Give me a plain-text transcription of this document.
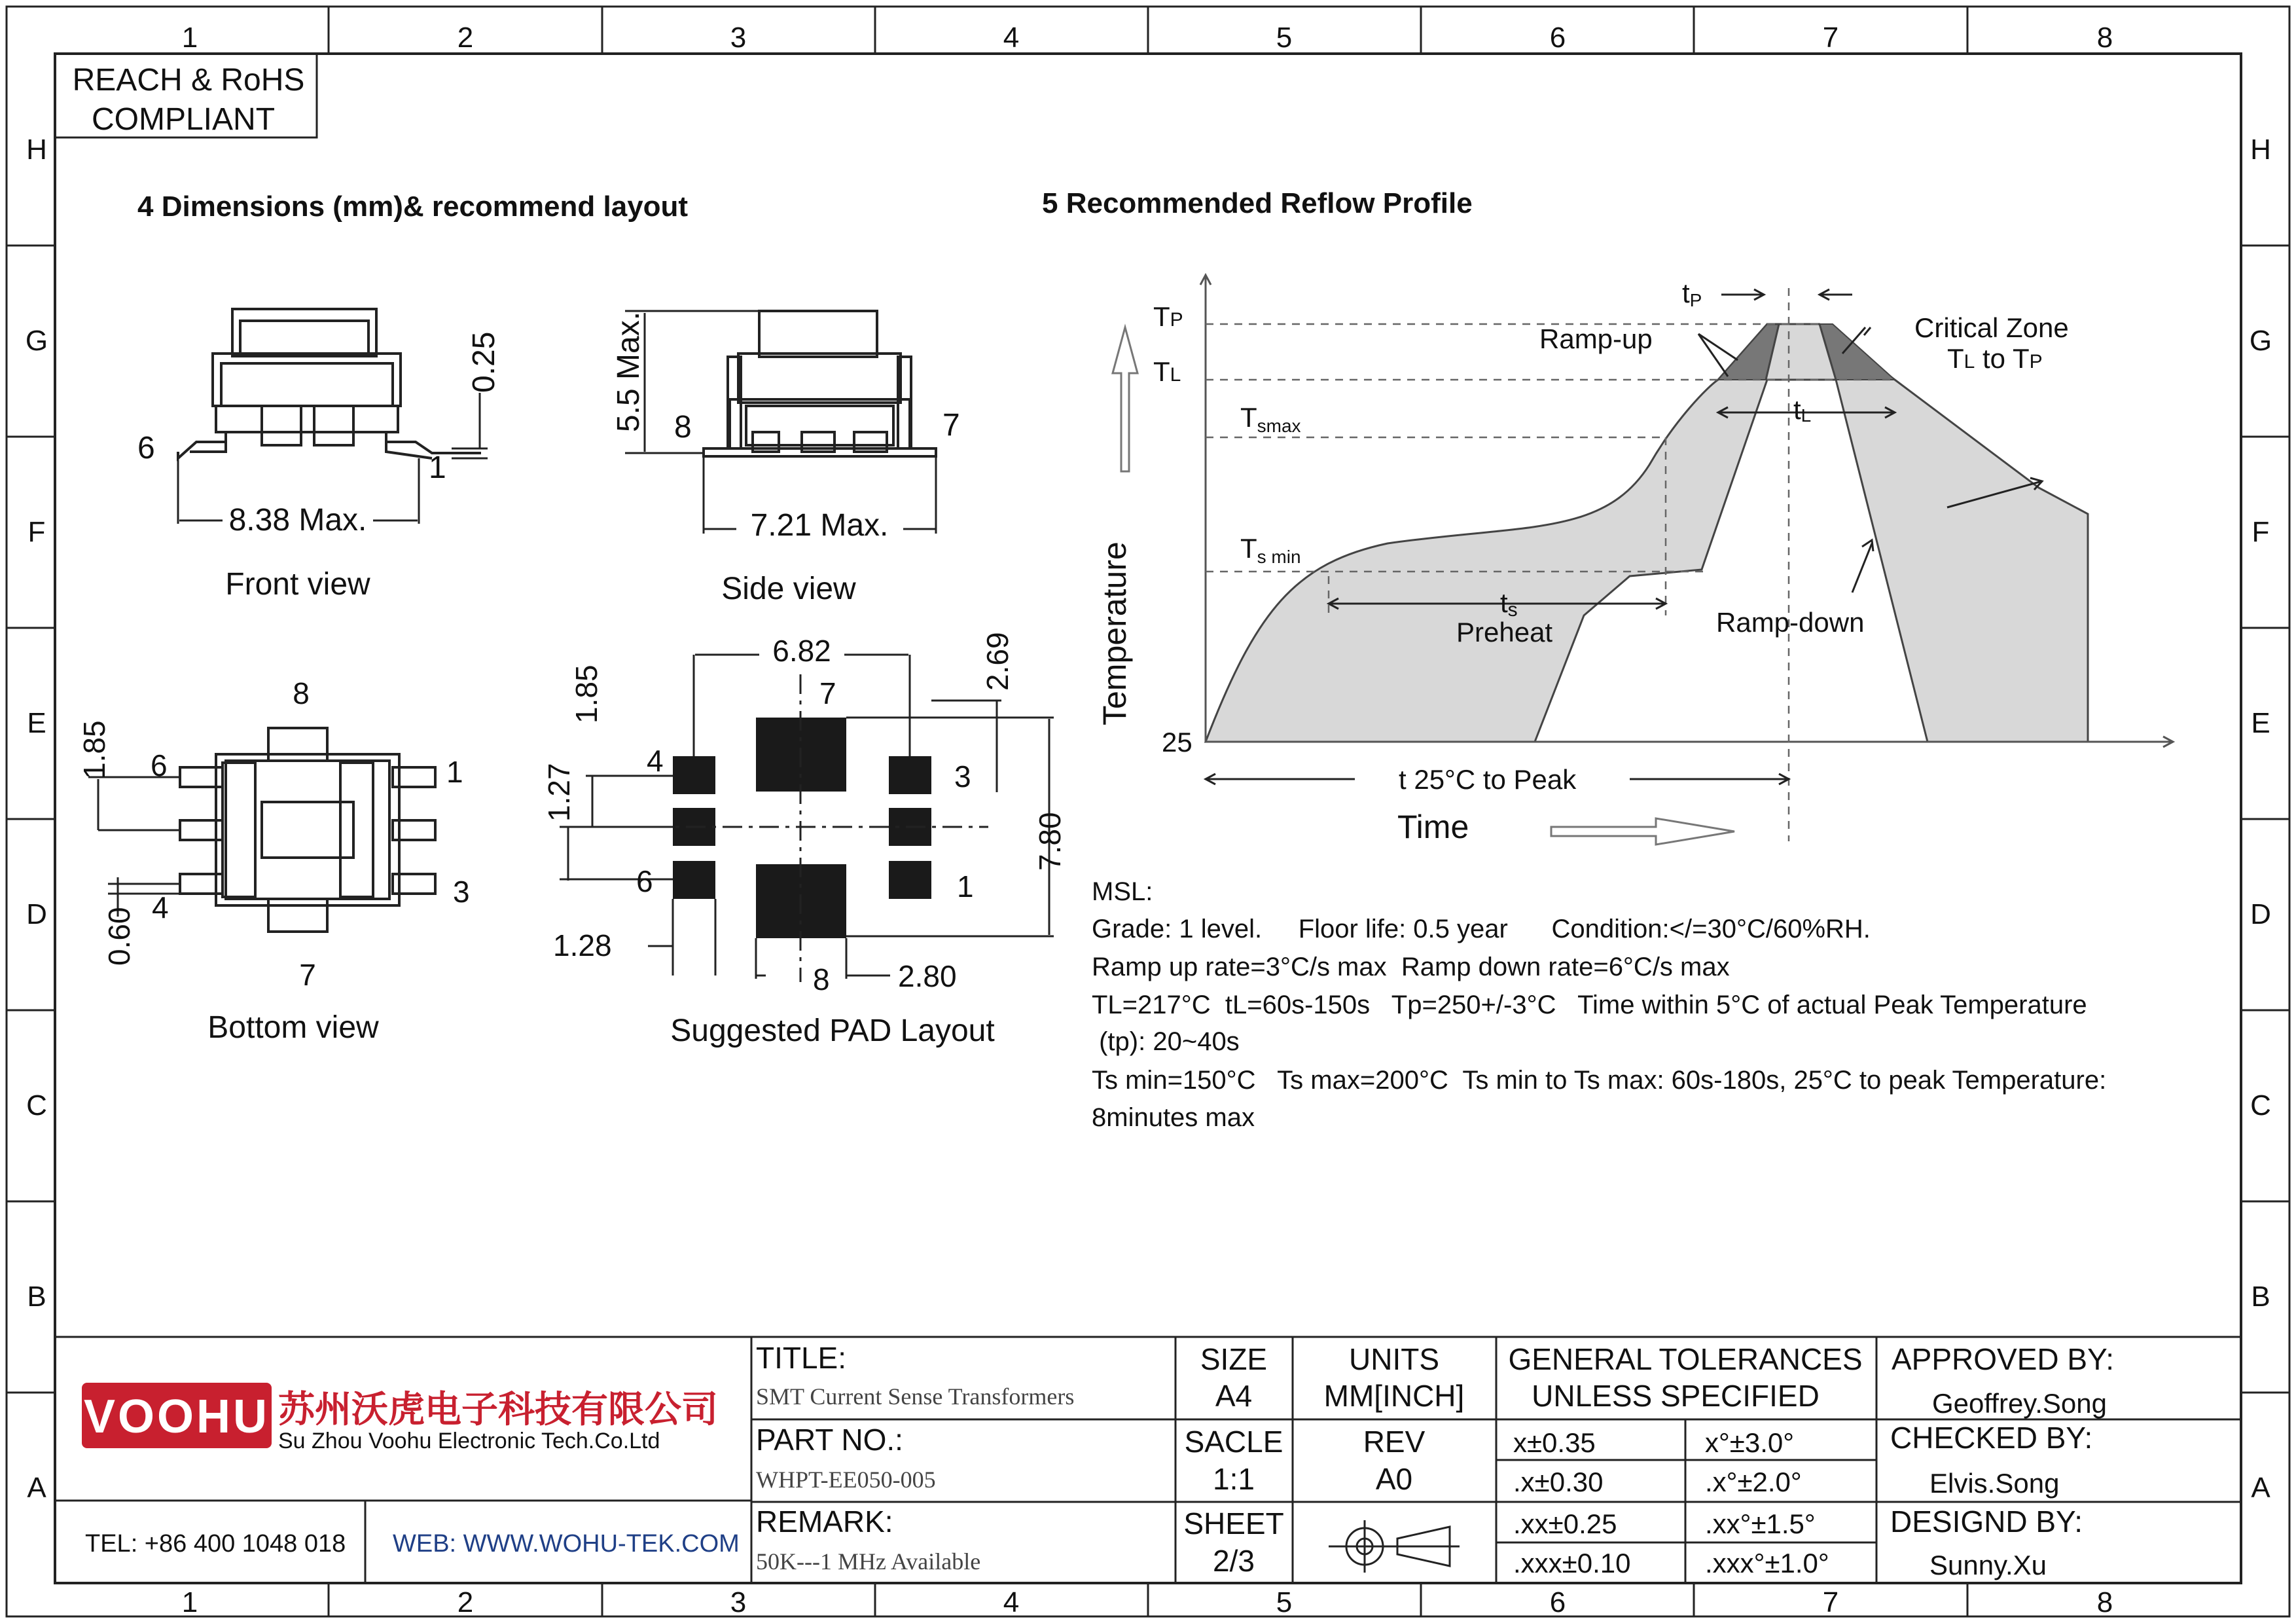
1	2	3	4	5	6	7	8
1	2	3	4	5	6	7	8
H
G
F
E
D
C
B
A
H
G
F
E
D
C
B
A
REACH & RoHS
COMPLIANT
4 Dimensions (mm)& recommend layout	5 Recommended Reflow Profile
8.38 Max.
0.25
6
1
Front view
5.5 Max.
7.21 Max.
8	7
Side view
1.85
0.60
8
6	1
4	3
7
Bottom view
6.82	2.69
1.85
1.27
7.80
1.28
2.80
7
4	3
6	1
8
Suggested PAD Layout
TP
TL
Tsmax
Ts min
25
tP
tL
Ramp-up	Critical Zone
TL to TP
ts
Preheat	Ramp-down
t 25°C to Peak
Time
Temperature
MSL:
Grade: 1 level.     Floor life: 0.5 year      Condition:</=30°C/60%RH.
Ramp up rate=3°C/s max  Ramp down rate=6°C/s max
TL=217°C  tL=60s-150s   Tp=250+/-3°C   Time within 5°C of actual Peak Temperature
(tp): 20~40s
Ts min=150°C   Ts max=200°C  Ts min to Ts max: 60s-180s, 25°C to peak Temperature:
8minutes max
VOOHU 苏州沃虎电子科技有限公司
Su Zhou Voohu Electronic Tech.Co.Ltd
TEL: +86 400 1048 018 WEB: WWW.WOHU-TEK.COM
TITLE:
SMT Current Sense Transformers
PART NO.:
WHPT-EE050-005
REMARK:
50K---1 MHz Available
SIZE
A4
UNITS
MM[INCH]
SACLE
1:1
REV
A0
SHEET
2/3
GENERAL TOLERANCES
UNLESS SPECIFIED
x±0.35	x°±3.0°
.x±0.30	.x°±2.0°
.xx±0.25	.xx°±1.5°
.xxx±0.10	.xxx°±1.0°
APPROVED BY:
Geoffrey.Song
CHECKED BY:
Elvis.Song
DESIGND BY:
Sunny.Xu
